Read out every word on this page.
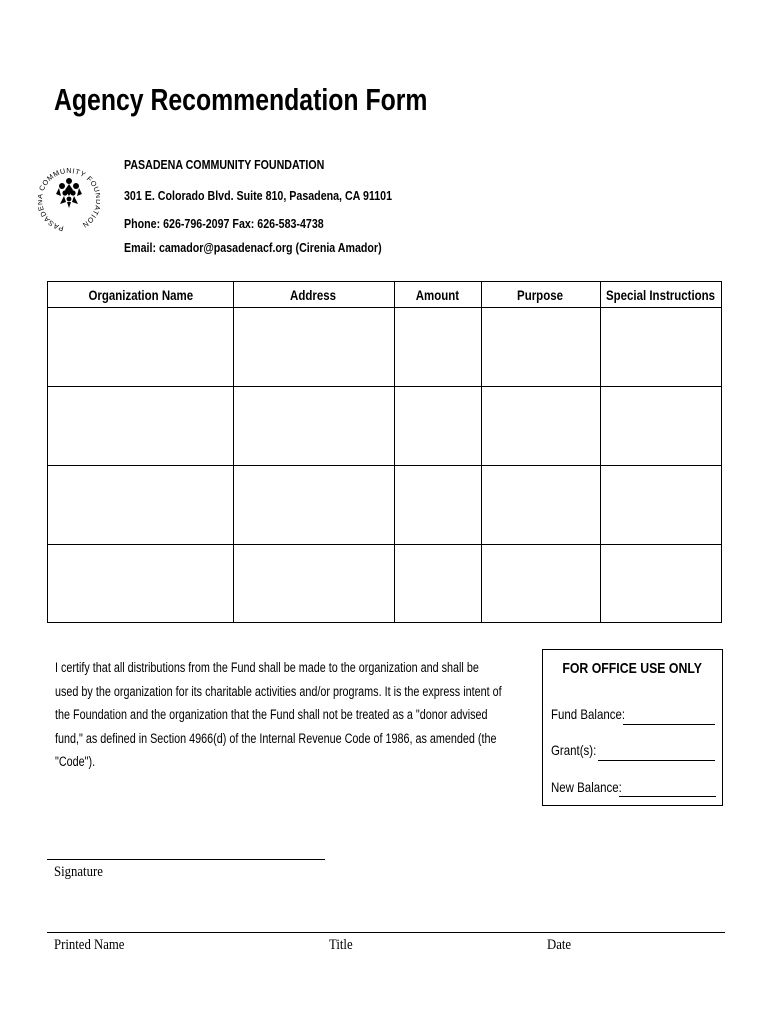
Agency Recommendation Form
PASAD OMMUNITY FO TION
PASADENA COMMUNITY FOUNDATION
301 E. Colorado Blvd. Suite 810, Pasadena, CA 91101
Phone: 626-796-2097 Fax: 626-583-4738
Email: camador@pasadenacf.org (Cirenia Amador)
Organization Name	Address	Amount	Purpose	Special Instructions
I certify that all distributions from the Fund shall be made to the organization and shall be used by the organization for its charitable activities and/or programs. It is the express intent of the Foundation and the organization that the Fund shall not be treated as a "donor advised fund," as defined in Section 4966(d) of the Internal Revenue Code of 1986, as amended (the "Code").
FOR OFFICE USE ONLY
Fund Balance:
Grant(s):
New Balance:
Signature
Printed Name	Title	Date
